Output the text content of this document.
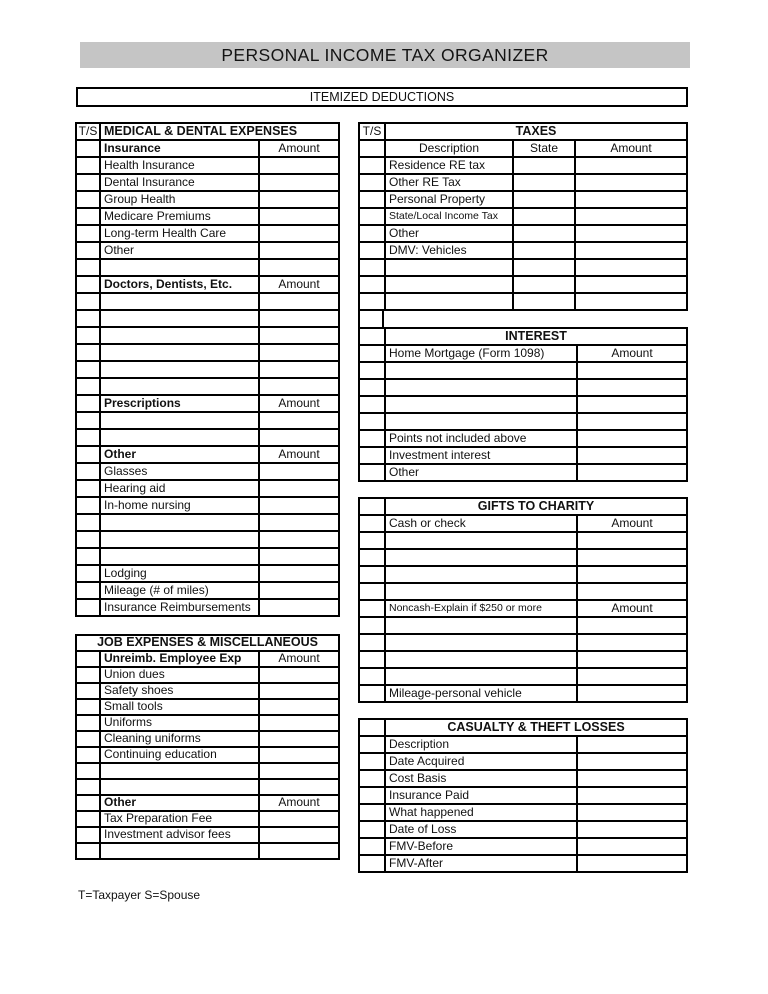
PERSONAL INCOME TAX ORGANIZER
ITEMIZED DEDUCTIONS
T/S MEDICAL & DENTAL EXPENSES
Insurance	Amount
Health Insurance
Dental Insurance
Group Health
Medicare Premiums
Long-term Health Care
Other
Doctors, Dentists, Etc.	Amount
Prescriptions	Amount
Other	Amount
Glasses
Hearing aid
In-home nursing
Lodging
Mileage (# of miles)
Insurance Reimbursements
JOB EXPENSES & MISCELLANEOUS
Unreimb. Employee Exp	Amount
Union dues
Safety shoes
Small tools
Uniforms
Cleaning uniforms
Continuing education
Other	Amount
Tax Preparation Fee
Investment advisor fees
T/S	TAXES
Description	State	Amount
Residence RE tax
Other RE Tax
Personal Property
State/Local Income Tax
Other
DMV: Vehicles
INTEREST
Home Mortgage (Form 1098)	Amount
Points not included above
Investment interest
Other
GIFTS TO CHARITY
Cash or check	Amount
Noncash-Explain if $250 or more	Amount
Mileage-personal vehicle
CASUALTY & THEFT LOSSES
Description
Date Acquired
Cost Basis
Insurance Paid
What happened
Date of Loss
FMV-Before
FMV-After
T=Taxpayer S=Spouse
